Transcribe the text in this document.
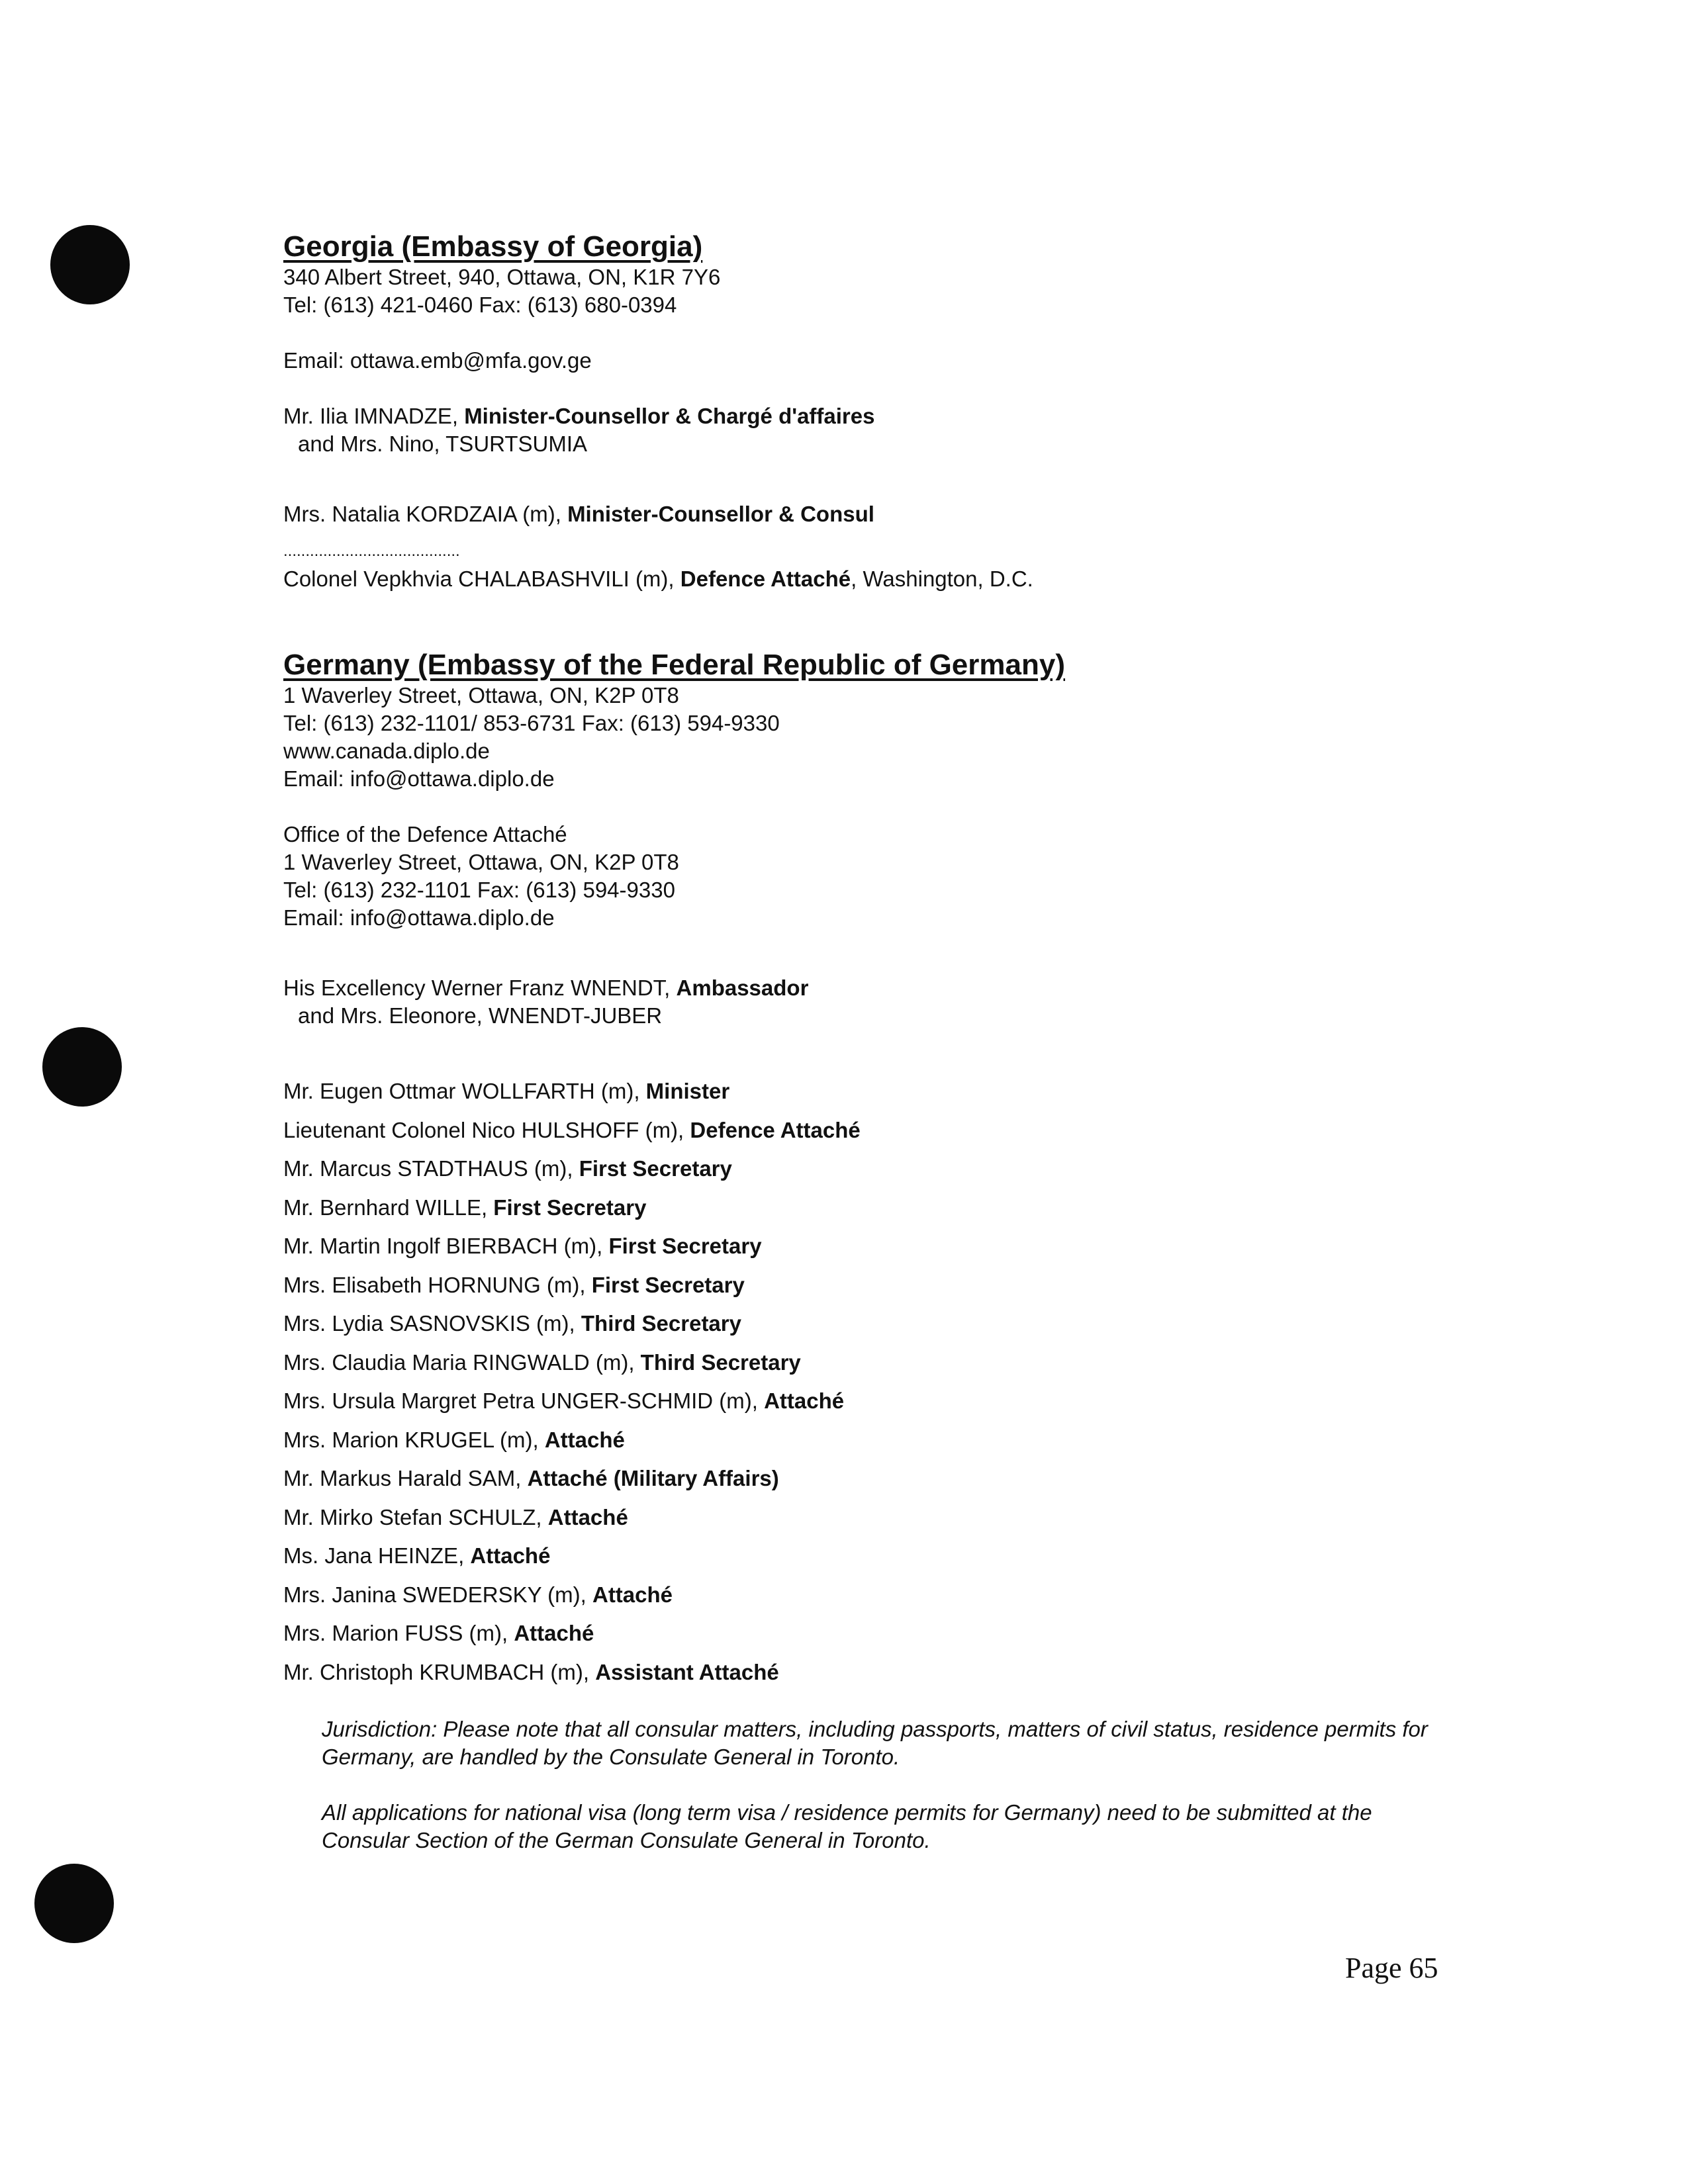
Georgia (Embassy of Georgia)
340 Albert Street, 940, Ottawa, ON, K1R 7Y6
Tel: (613) 421-0460 Fax: (613) 680-0394
Email: ottawa.emb@mfa.gov.ge
Mr. Ilia IMNADZE, Minister-Counsellor & Chargé d'affaires
and Mrs. Nino, TSURTSUMIA
Mrs. Natalia KORDZAIA (m), Minister-Counsellor & Consul
........................................
Colonel Vepkhvia CHALABASHVILI (m), Defence Attaché, Washington, D.C.
Germany (Embassy of the Federal Republic of Germany)
1 Waverley Street, Ottawa, ON, K2P 0T8
Tel: (613) 232-1101/ 853-6731 Fax: (613) 594-9330
www.canada.diplo.de
Email: info@ottawa.diplo.de
Office of the Defence Attaché
1 Waverley Street, Ottawa, ON, K2P 0T8
Tel: (613) 232-1101 Fax: (613) 594-9330
Email: info@ottawa.diplo.de
His Excellency Werner Franz WNENDT, Ambassador
and Mrs. Eleonore, WNENDT-JUBER
Mr. Eugen Ottmar WOLLFARTH (m), Minister
Lieutenant Colonel Nico HULSHOFF (m), Defence Attaché
Mr. Marcus STADTHAUS (m), First Secretary
Mr. Bernhard WILLE, First Secretary
Mr. Martin Ingolf BIERBACH (m), First Secretary
Mrs. Elisabeth HORNUNG (m), First Secretary
Mrs. Lydia SASNOVSKIS (m), Third Secretary
Mrs. Claudia Maria RINGWALD (m), Third Secretary
Mrs. Ursula Margret Petra UNGER-SCHMID (m), Attaché
Mrs. Marion KRUGEL (m), Attaché
Mr. Markus Harald SAM, Attaché (Military Affairs)
Mr. Mirko Stefan SCHULZ, Attaché
Ms. Jana HEINZE, Attaché
Mrs. Janina SWEDERSKY (m), Attaché
Mrs. Marion FUSS (m), Attaché
Mr. Christoph KRUMBACH (m), Assistant Attaché

Jurisdiction: Please note that all consular matters, including passports, matters of civil status, residence permits for Germany, are handled by the Consulate General in Toronto.

All applications for national visa (long term visa / residence permits for Germany) need to be submitted at the Consular Section of the German Consulate General in Toronto.

Page 65
